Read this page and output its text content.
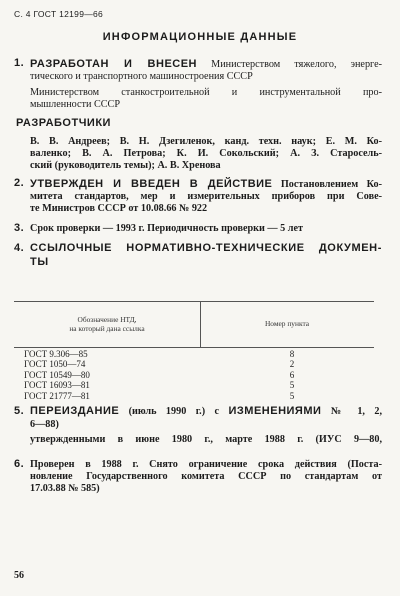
С. 4 ГОСТ 12199—66
ИНФОРМАЦИОННЫЕ ДАННЫЕ
1. РАЗРАБОТАН И ВНЕСЕН Министерством тяжелого, энерге-
тического и транспортного машиностроения СССР
Министерством станкостроительной и инструментальной про-
мышленности СССР
РАЗРАБОТЧИКИ
В. В. Андреев; В. Н. Дзегиленок, канд. техн. наук; Е. М. Ко-
валенко; В. А. Петрова; К. И. Сокольский; А. З. Старосель-
ский (руководитель темы); А. В. Хренова
2. УТВЕРЖДЕН И ВВЕДЕН В ДЕЙСТВИЕ Постановлением Ко-
митета стандартов, мер и измерительных приборов при Сове-
те Министров СССР от 10.08.66 № 922
3. Срок проверки — 1993 г. Периодичность проверки — 5 лет
4. ССЫЛОЧНЫЕ НОРМАТИВНО-ТЕХНИЧЕСКИЕ ДОКУМЕН-
ТЫ
Обозначение НТД,
на который дана ссылка
Номер пункта
ГОСТ 9.306—85	8
ГОСТ 1050—74	2
ГОСТ 10549—80	6
ГОСТ 16093—81	5
ГОСТ 21777—81	5
5. ПЕРЕИЗДАНИЕ (июль 1990 г.) с ИЗМЕНЕНИЯМИ № 1, 2,
6—88)
утвержденными в июне 1980 г., марте 1988 г. (ИУС 9—80,
6. Проверен в 1988 г. Снято ограничение срока действия (Поста-
новление Государственного комитета СССР по стандартам от
17.03.88 № 585)
56
